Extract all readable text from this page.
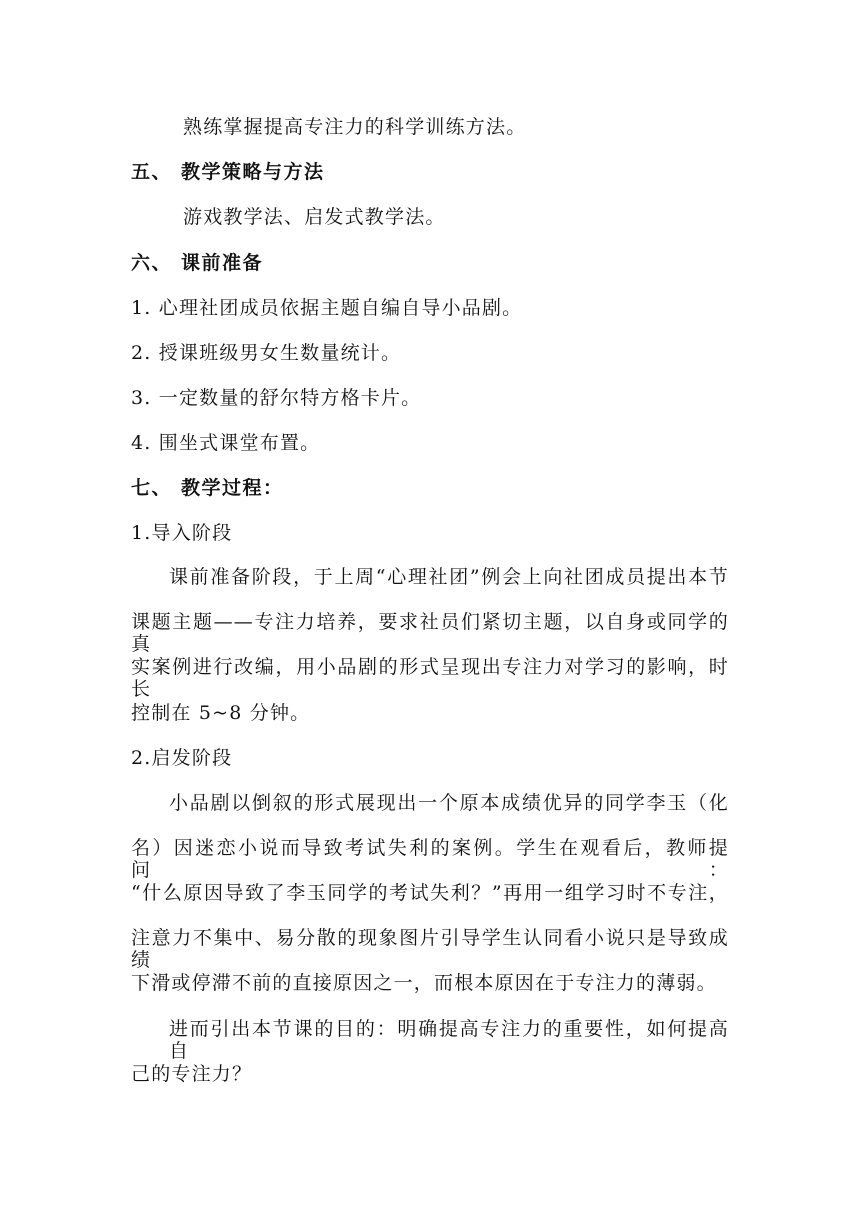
熟练掌握提高专注力的科学训练方法。
五、 教学策略与方法
游戏教学法、启发式教学法。
六、 课前准备
1. 心理社团成员依据主题自编自导小品剧。
2. 授课班级男女生数量统计。
3. 一定数量的舒尔特方格卡片。
4. 围坐式课堂布置。
七、 教学过程：
1.导入阶段
课前准备阶段，于上周“心理社团”例会上向社团成员提出本节
课题主题——专注力培养，要求社员们紧切主题，以自身或同学的真
实案例进行改编，用小品剧的形式呈现出专注力对学习的影响，时长
控制在 5~8 分钟。
2.启发阶段
小品剧以倒叙的形式展现出一个原本成绩优异的同学李玉（化
名）因迷恋小说而导致考试失利的案例。学生在观看后，教师提问：
“什么原因导致了李玉同学的考试失利？”再用一组学习时不专注，
注意力不集中、易分散的现象图片引导学生认同看小说只是导致成绩
下滑或停滞不前的直接原因之一，而根本原因在于专注力的薄弱。
进而引出本节课的目的：明确提高专注力的重要性，如何提高自
己的专注力？
